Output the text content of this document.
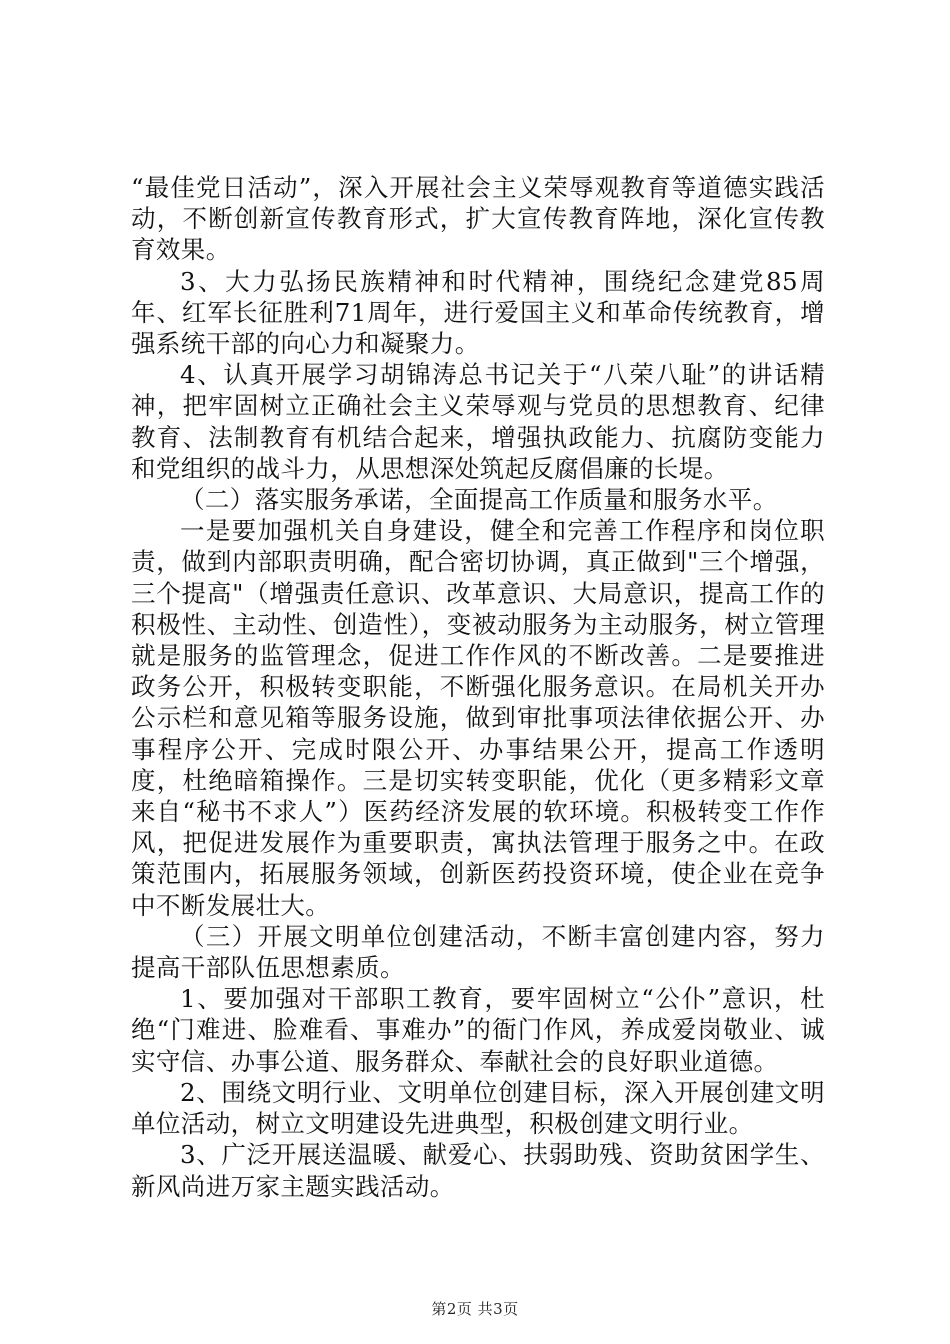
“最佳党日活动”，深入开展社会主义荣辱观教育等道德实践活动，不断创新宣传教育形式，扩大宣传教育阵地，深化宣传教育效果。

3、大力弘扬民族精神和时代精神，围绕纪念建党85周年、红军长征胜利71周年，进行爱国主义和革命传统教育，增强系统干部的向心力和凝聚力。

4、认真开展学习胡锦涛总书记关于“八荣八耻”的讲话精神，把牢固树立正确社会主义荣辱观与党员的思想教育、纪律教育、法制教育有机结合起来，增强执政能力、抗腐防变能力和党组织的战斗力，从思想深处筑起反腐倡廉的长堤。

（二）落实服务承诺，全面提高工作质量和服务水平。

一是要加强机关自身建设，健全和完善工作程序和岗位职责，做到内部职责明确，配合密切协调，真正做到"三个增强，三个提高"（增强责任意识、改革意识、大局意识，提高工作的积极性、主动性、创造性），变被动服务为主动服务，树立管理就是服务的监管理念，促进工作作风的不断改善。二是要推进政务公开，积极转变职能，不断强化服务意识。在局机关开办公示栏和意见箱等服务设施，做到审批事项法律依据公开、办事程序公开、完成时限公开、办事结果公开，提高工作透明度，杜绝暗箱操作。三是切实转变职能，优化（更多精彩文章来自“秘书不求人”）医药经济发展的软环境。积极转变工作作风，把促进发展作为重要职责，寓执法管理于服务之中。在政策范围内，拓展服务领域，创新医药投资环境，使企业在竞争中不断发展壮大。

（三）开展文明单位创建活动，不断丰富创建内容，努力提高干部队伍思想素质。

1、要加强对干部职工教育，要牢固树立“公仆”意识，杜绝“门难进、脸难看、事难办”的衙门作风，养成爱岗敬业、诚实守信、办事公道、服务群众、奉献社会的良好职业道德。

2、围绕文明行业、文明单位创建目标，深入开展创建文明单位活动，树立文明建设先进典型，积极创建文明行业。

3、广泛开展送温暖、献爱心、扶弱助残、资助贫困学生、新风尚进万家主题实践活动。

第2页 共3页
